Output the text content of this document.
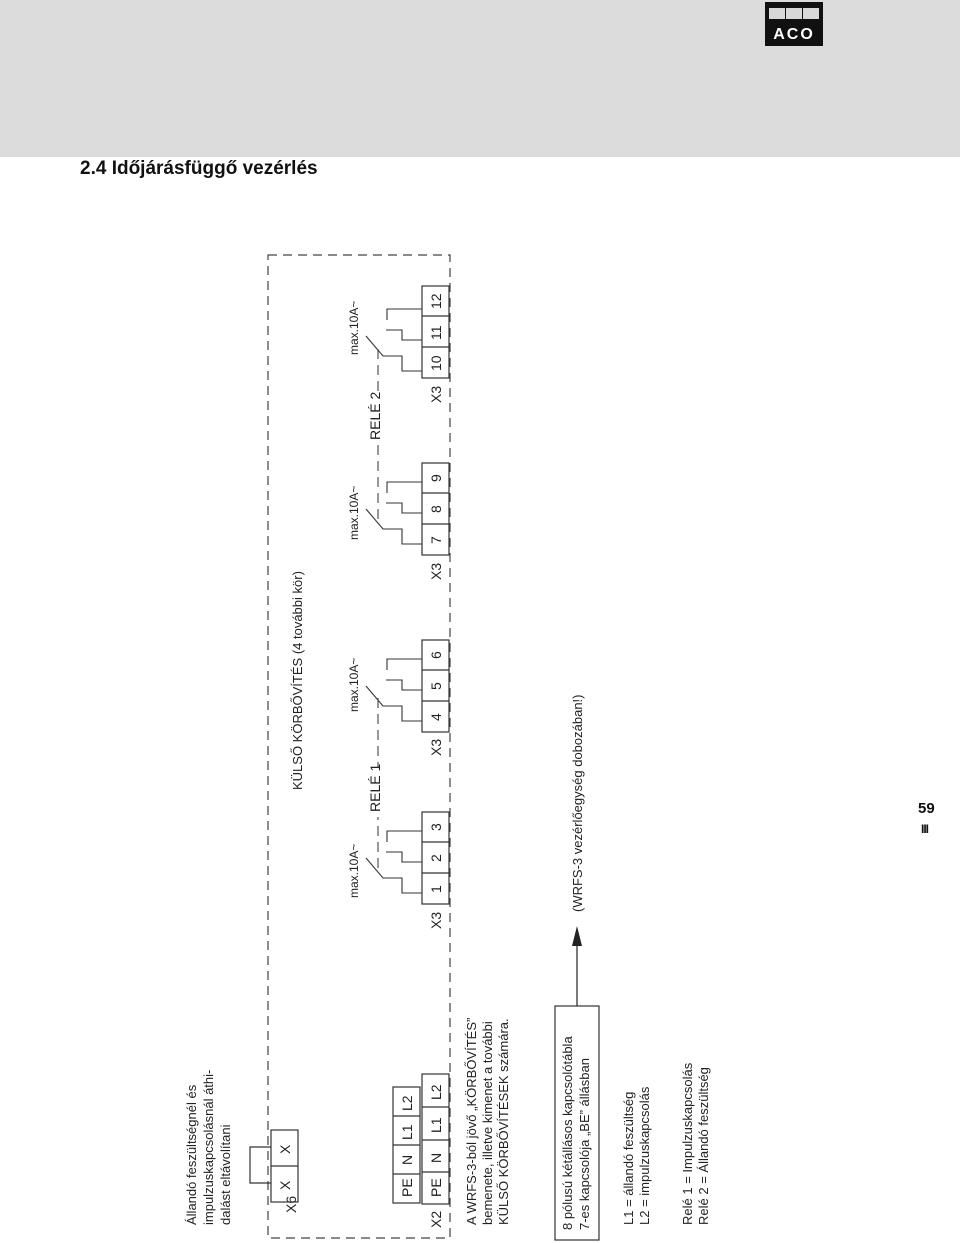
ACO
2.4 Időjárásfüggő vezérlés
Állandó feszültségnél és impulzuskapcsolásnál áthi- dalást eltávolítani	X6
X
X
PE
N
L1
L2
X2
PE
N
L1
L2
KÜLSŐ KÖRBŐVÍTÉS (4 további kör)
X3
X3
X3
X3
1
2
3
4
5
6
7
8
9
10
11
12
RELÉ 1
RELÉ 2
max.10A~
max.10A~
max.10A~
max.10A~
A WRFS-3-ból jövő „KÖRBŐVÍTÉS” bemenete, illetve kimenet a további KÜLSŐ KÖRBŐVÍTÉSEK számára.	8 pólusú kétállásos kapcsolótábla 7-es kapcsolója „BE” állásban
(WRFS-3 vezérlőegység dobozában!)
L1 = állandó feszültség L2 = impulzuskapcsolás Relé 1 = Impulzuskapcsolás Relé 2 = Állandó feszültség
59
III
